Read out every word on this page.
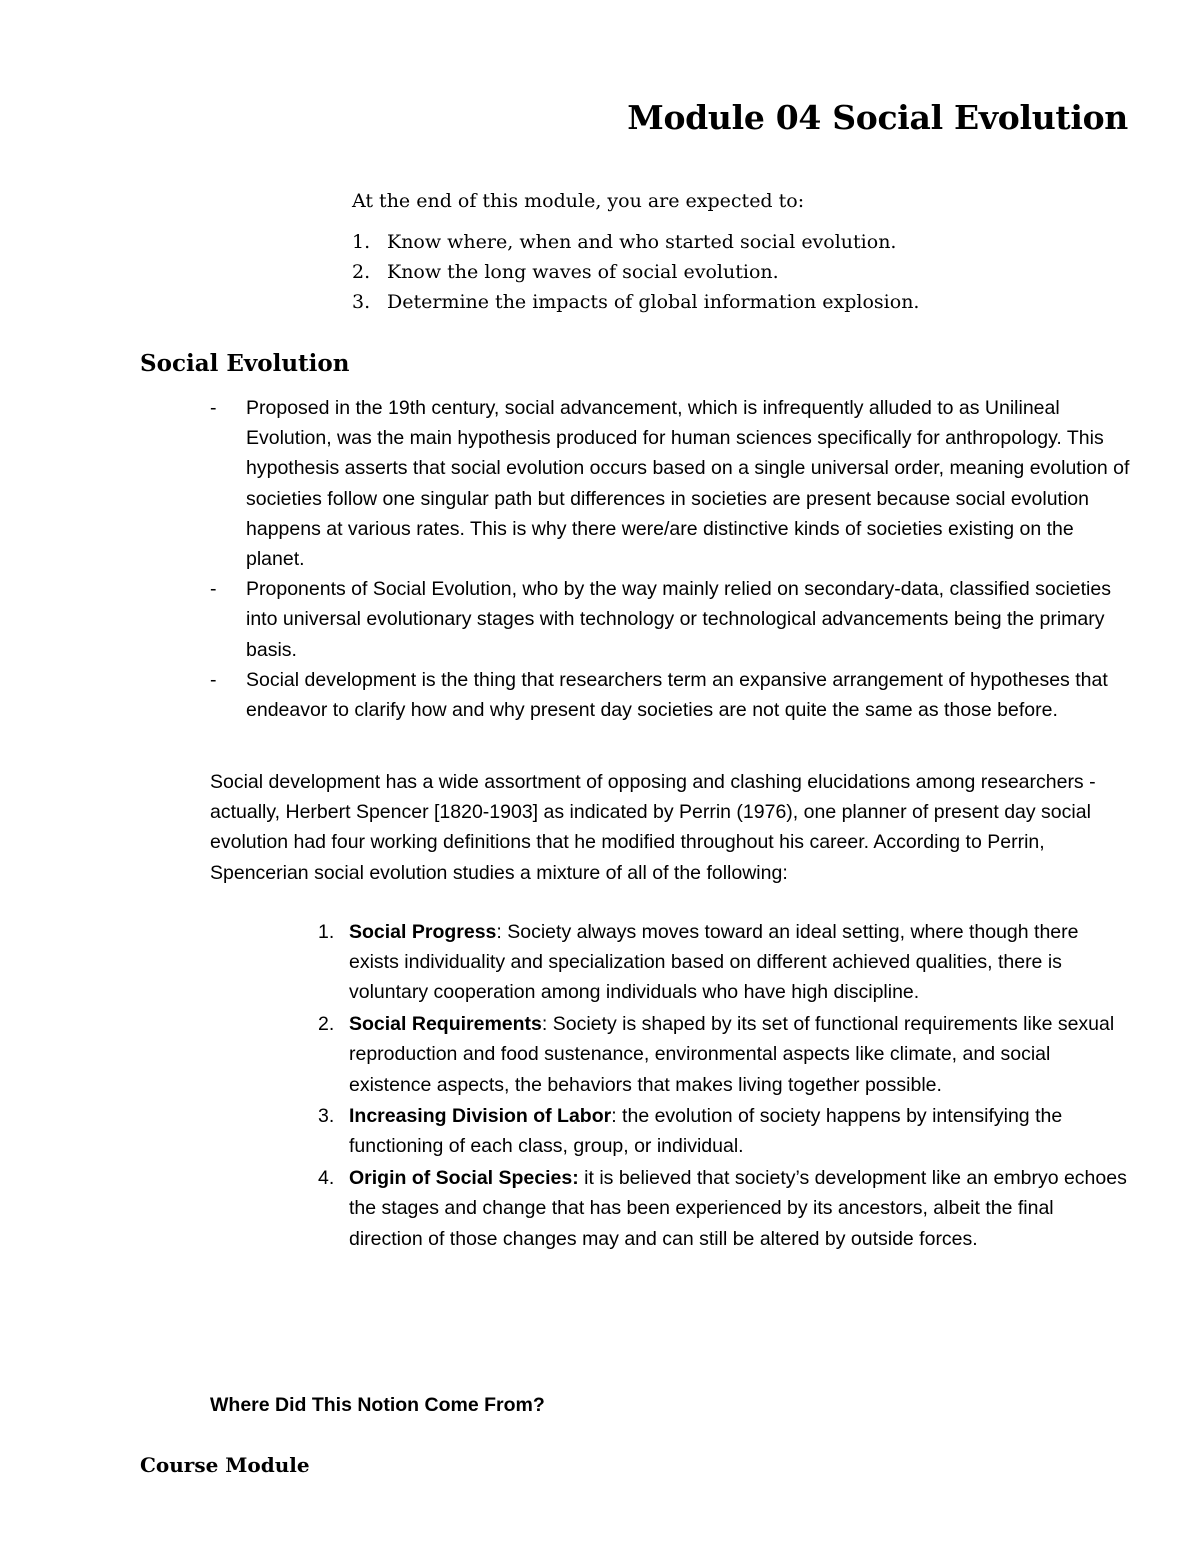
Module 04 Social Evolution

At the end of this module, you are expected to:

1. Know where, when and who started social evolution.
2. Know the long waves of social evolution.
3. Determine the impacts of global information explosion.
Social Evolution
- Proposed in the 19th century, social advancement, which is infrequently alluded to as Unilineal Evolution, was the main hypothesis produced for human sciences specifically for anthropology. This hypothesis asserts that social evolution occurs based on a single universal order, meaning evolution of societies follow one singular path but differences in societies are present because social evolution happens at various rates. This is why there were/are distinctive kinds of societies existing on the planet.
- Proponents of Social Evolution, who by the way mainly relied on secondary-data, classified societies into universal evolutionary stages with technology or technological advancements being the primary basis.
- Social development is the thing that researchers term an expansive arrangement of hypotheses that endeavor to clarify how and why present day societies are not quite the same as those before.

Social development has a wide assortment of opposing and clashing elucidations among researchers - actually, Herbert Spencer [1820-1903] as indicated by Perrin (1976), one planner of present day social evolution had four working definitions that he modified throughout his career. According to Perrin, Spencerian social evolution studies a mixture of all of the following:

1. Social Progress: Society always moves toward an ideal setting, where though there exists individuality and specialization based on different achieved qualities, there is voluntary cooperation among individuals who have high discipline.
2. Social Requirements: Society is shaped by its set of functional requirements like sexual reproduction and food sustenance, environmental aspects like climate, and social existence aspects, the behaviors that makes living together possible.
3. Increasing Division of Labor: the evolution of society happens by intensifying the functioning of each class, group, or individual.
4. Origin of Social Species: it is believed that society’s development like an embryo echoes the stages and change that has been experienced by its ancestors, albeit the final direction of those changes may and can still be altered by outside forces.
Where Did This Notion Come From?
Course Module
